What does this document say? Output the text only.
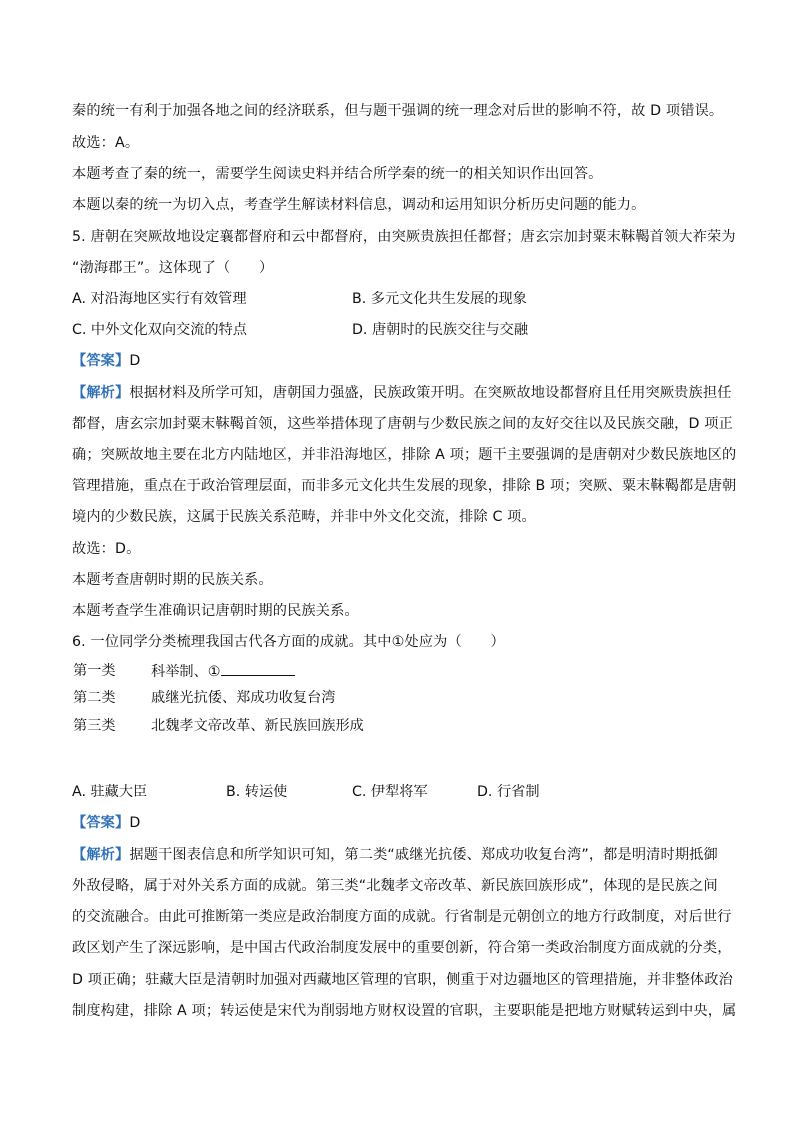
秦的统一有利于加强各地之间的经济联系，但与题干强调的统一理念对后世的影响不符，故 D 项错误。
故选：A。
本题考查了秦的统一，需要学生阅读史料并结合所学秦的统一的相关知识作出回答。
本题以秦的统一为切入点，考查学生解读材料信息，调动和运用知识分析历史问题的能力。
5. 唐朝在突厥故地设定襄都督府和云中都督府，由突厥贵族担任都督；唐玄宗加封粟末靺鞨首领大祚荣为
“渤海郡王”。这体现了（　　）
A. 对沿海地区实行有效管理	B. 多元文化共生发展的现象
C. 中外文化双向交流的特点	D. 唐朝时的民族交往与交融
【答案】D
【解析】根据材料及所学可知，唐朝国力强盛，民族政策开明。在突厥故地设都督府且任用突厥贵族担任
都督，唐玄宗加封粟末靺鞨首领，这些举措体现了唐朝与少数民族之间的友好交往以及民族交融，D 项正
确；突厥故地主要在北方内陆地区，并非沿海地区，排除 A 项；题干主要强调的是唐朝对少数民族地区的
管理措施，重点在于政治管理层面，而非多元文化共生发展的现象，排除 B 项；突厥、粟末靺鞨都是唐朝
境内的少数民族，这属于民族关系范畴，并非中外文化交流，排除 C 项。
故选：D。
本题考查唐朝时期的民族关系。
本题考查学生准确识记唐朝时期的民族关系。
6. 一位同学分类梳理我国古代各方面的成就。其中①处应为（　　）
第一类 科举制、①
第二类 戚继光抗倭、郑成功收复台湾
第三类 北魏孝文帝改革、新民族回族形成
A. 驻藏大臣	B. 转运使	C. 伊犁将军	D. 行省制
【答案】D
【解析】据题干图表信息和所学知识可知，第二类“戚继光抗倭、郑成功收复台湾”，都是明清时期抵御
外敌侵略，属于对外关系方面的成就。第三类“北魏孝文帝改革、新民族回族形成”，体现的是民族之间
的交流融合。由此可推断第一类应是政治制度方面的成就。行省制是元朝创立的地方行政制度，对后世行
政区划产生了深远影响，是中国古代政治制度发展中的重要创新，符合第一类政治制度方面成就的分类，
D 项正确；驻藏大臣是清朝时加强对西藏地区管理的官职，侧重于对边疆地区的管理措施，并非整体政治
制度构建，排除 A 项；转运使是宋代为削弱地方财权设置的官职，主要职能是把地方财赋转运到中央，属
